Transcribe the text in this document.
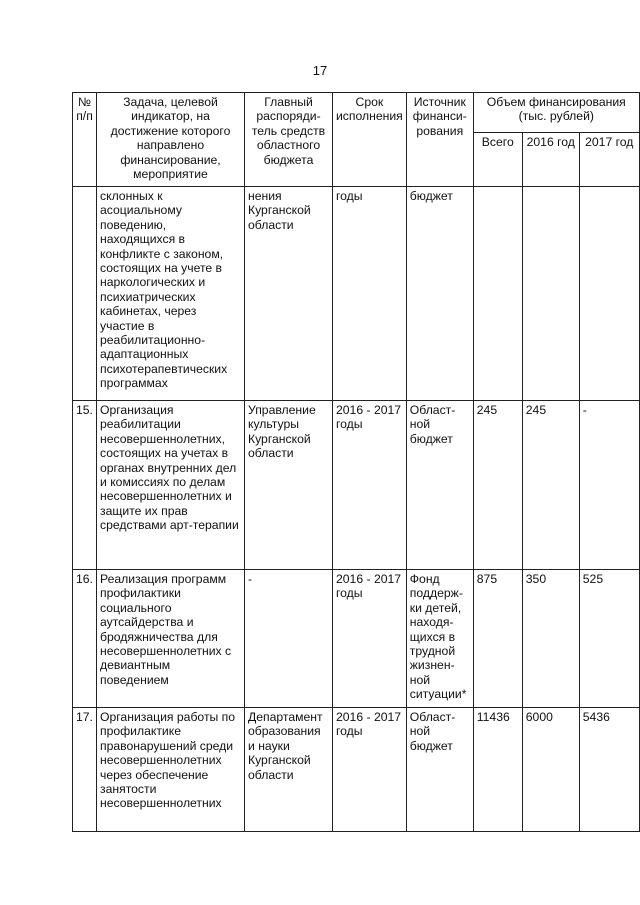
17
№ п/п	Задача, целевой индикатор, на достижение которого направлено финансирование, мероприятие	Главный распоряди-тель средств областного бюджета	Срок исполнения	Источник финанси-рования	Объем финансирования (тыс. рублей)		
					Всего	2016 год	2017 год
	склонных к асоциальному поведению, находящихся в конфликте с законом, состоящих на учете в наркологических и психиатрических кабинетах, через участие в реабилитационно-адаптационных психотерапевтических программах	нения Курганской области	годы	бюджет			
15.	Организация реабилитации несовершеннолетних, состоящих на учетах в органах внутренних дел и комиссиях по делам несовершеннолетних и защите их прав средствами арт-терапии	Управление культуры Курганской области	2016 - 2017 годы	Област-ной бюджет	245	245	-
16.	Реализация программ профилактики социального аутсайдерства и бродяжничества для несовершеннолетних с девиантным поведением	-	2016 - 2017 годы	Фонд поддерж-ки детей, находя-щихся в трудной жизнен-ной ситуации*	875	350	525
17.	Организация работы по профилактике правонарушений среди несовершеннолетних через обеспечение занятости несовершеннолетних	Департамент образования и науки Курганской области	2016 - 2017 годы	Област-ной бюджет	11436	6000	5436
